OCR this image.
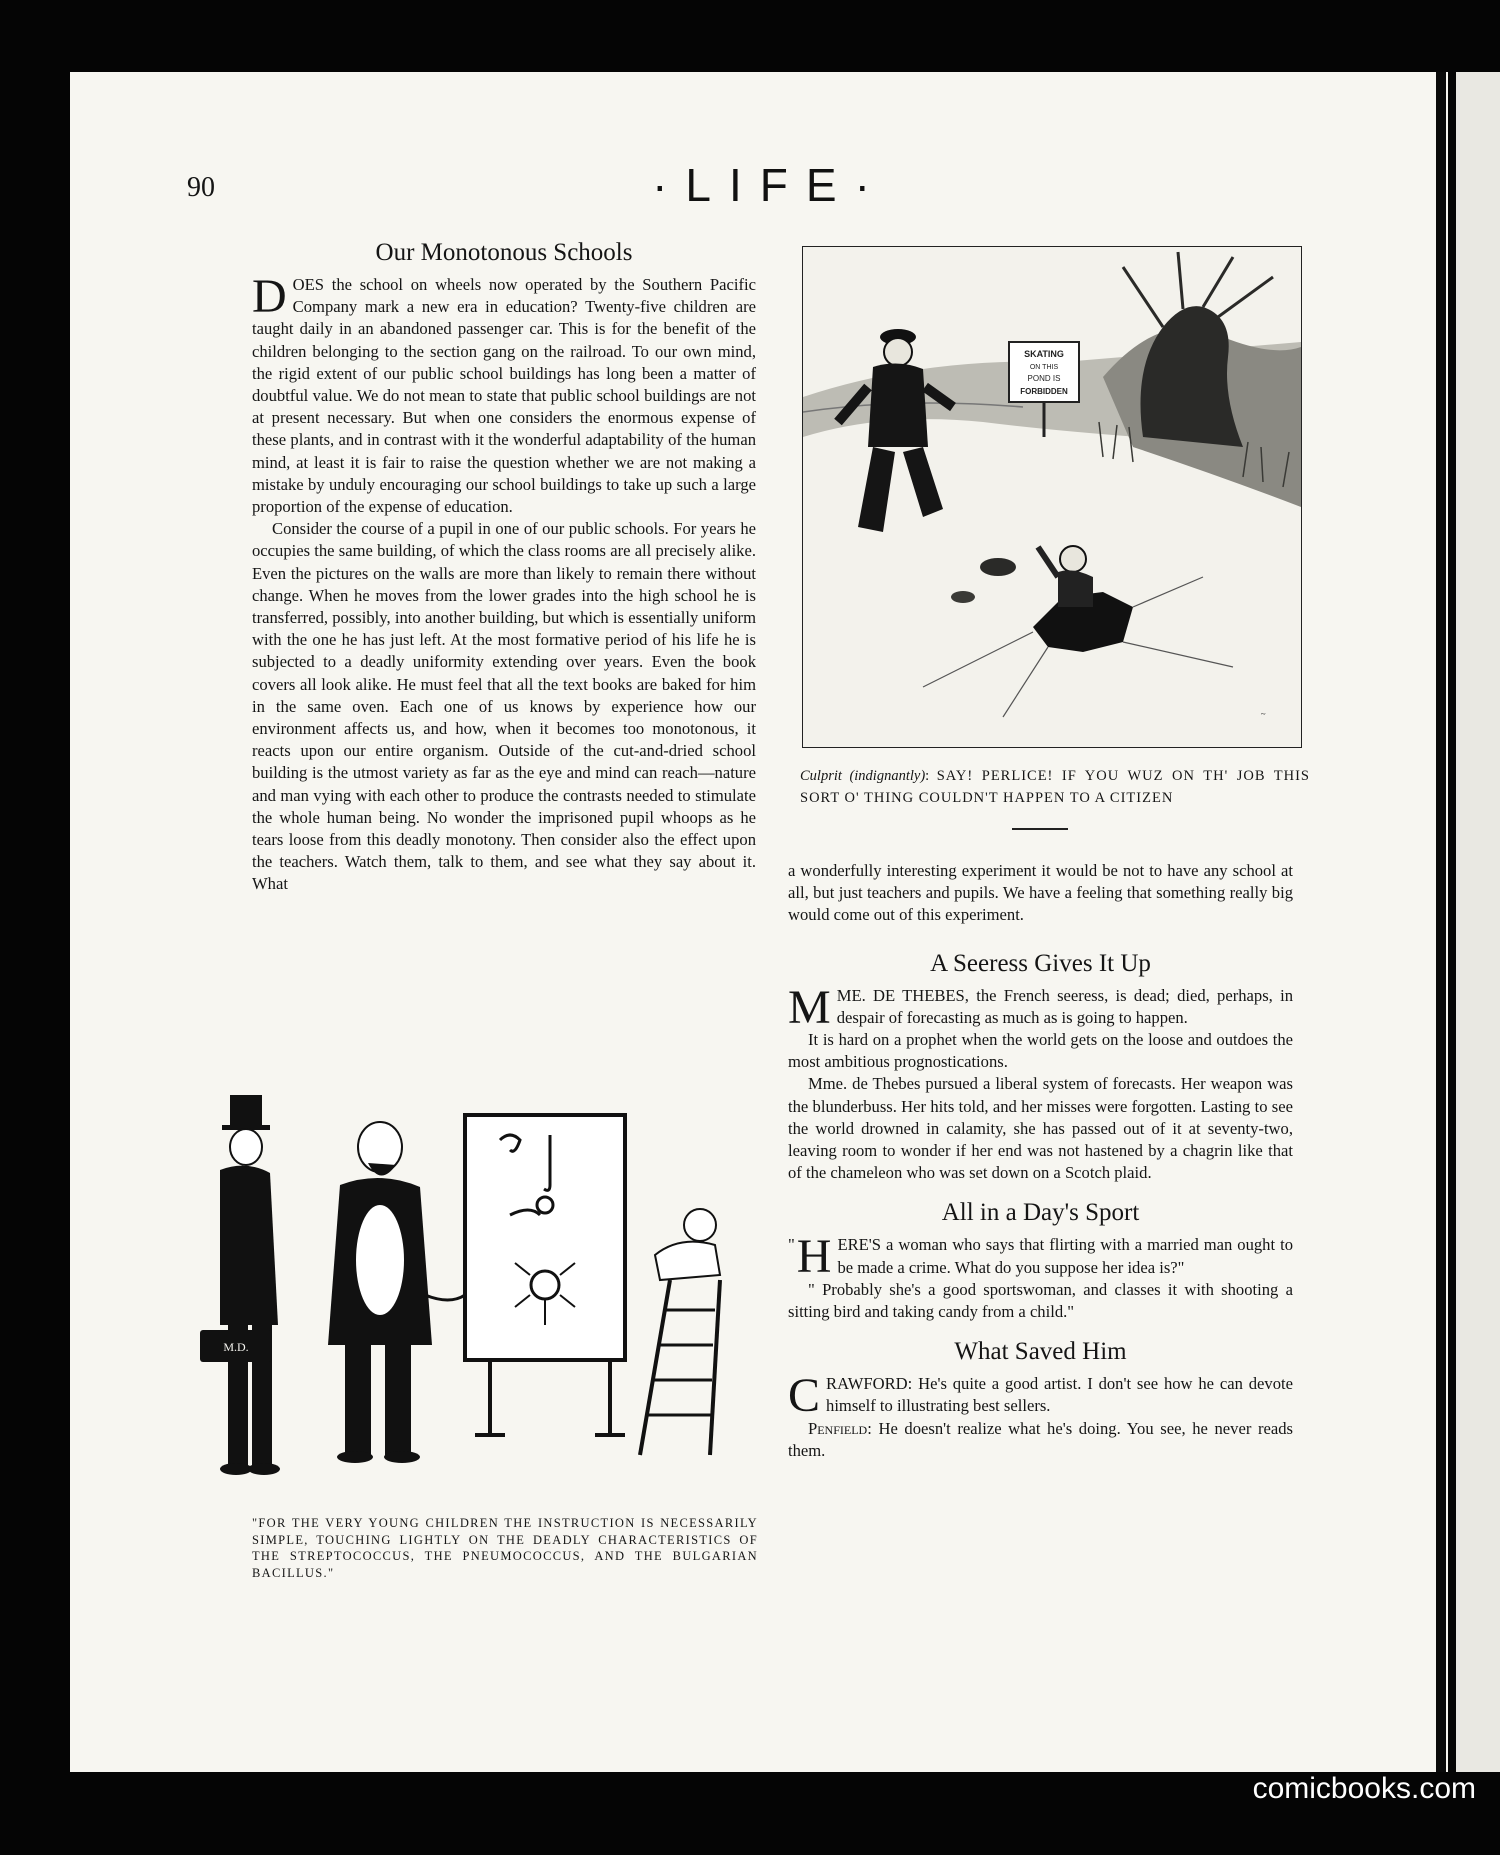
90	·LIFE·
Our Monotonous Schools

DOES the school on wheels now operated by the Southern Pacific Company mark a new era in education? Twenty-five children are taught daily in an abandoned passenger car. This is for the benefit of the children belonging to the section gang on the railroad. To our own mind, the rigid extent of our public school buildings has long been a matter of doubtful value. We do not mean to state that public school buildings are not at present necessary. But when one considers the enormous expense of these plants, and in contrast with it the wonderful adaptability of the human mind, at least it is fair to raise the question whether we are not making a mistake by unduly encouraging our school buildings to take up such a large proportion of the expense of education.

Consider the course of a pupil in one of our public schools. For years he occupies the same building, of which the class rooms are all precisely alike. Even the pictures on the walls are more than likely to remain there without change. When he moves from the lower grades into the high school he is transferred, possibly, into another building, but which is essentially uniform with the one he has just left. At the most formative period of his life he is subjected to a deadly uniformity extending over years. Even the book covers all look alike. He must feel that all the text books are baked for him in the same oven. Each one of us knows by experience how our environment affects us, and how, when it becomes too monotonous, it reacts upon our entire organism. Outside of the cut-and-dried school building is the utmost variety as far as the eye and mind can reach—nature and man vying with each other to produce the contrasts needed to stimulate the whole human being. No wonder the imprisoned pupil whoops as he tears loose from this deadly monotony. Then consider also the effect upon the teachers. Watch them, talk to them, and see what they say about it. What

SKATING
ON THIS
POND IS
FORBIDDEN
~
Culprit (indignantly): SAY! PERLICE! IF YOU WUZ ON TH' JOB THIS SORT O' THING COULDN'T HAPPEN TO A CITIZEN
M.D.
"FOR THE VERY YOUNG CHILDREN THE INSTRUCTION IS NECESSARILY SIMPLE, TOUCHING LIGHTLY ON THE DEADLY CHARACTERISTICS OF THE STREPTOCOCCUS, THE PNEUMOCOCCUS, AND THE BULGARIAN BACILLUS."

a wonderfully interesting experiment it would be not to have any school at all, but just teachers and pupils. We have a feeling that something really big would come out of this experiment.

A Seeress Gives It Up

MME. DE THEBES, the French seeress, is dead; died, perhaps, in despair of forecasting as much as is going to happen.

It is hard on a prophet when the world gets on the loose and outdoes the most ambitious prognostications.

Mme. de Thebes pursued a liberal system of forecasts. Her weapon was the blunderbuss. Her hits told, and her misses were forgotten. Lasting to see the world drowned in calamity, she has passed out of it at seventy-two, leaving room to wonder if her end was not hastened by a chagrin like that of the chameleon who was set down on a Scotch plaid.

All in a Day's Sport

" H ERE'S a woman who says that flirting with a married man ought to be made a crime. What do you suppose her idea is?"

" Probably she's a good sportswoman, and classes it with shooting a sitting bird and taking candy from a child."

What Saved Him

CRAWFORD: He's quite a good artist. I don't see how he can devote himself to illustrating best sellers.

Penfield: He doesn't realize what he's doing. You see, he never reads them.

comicbooks.com
